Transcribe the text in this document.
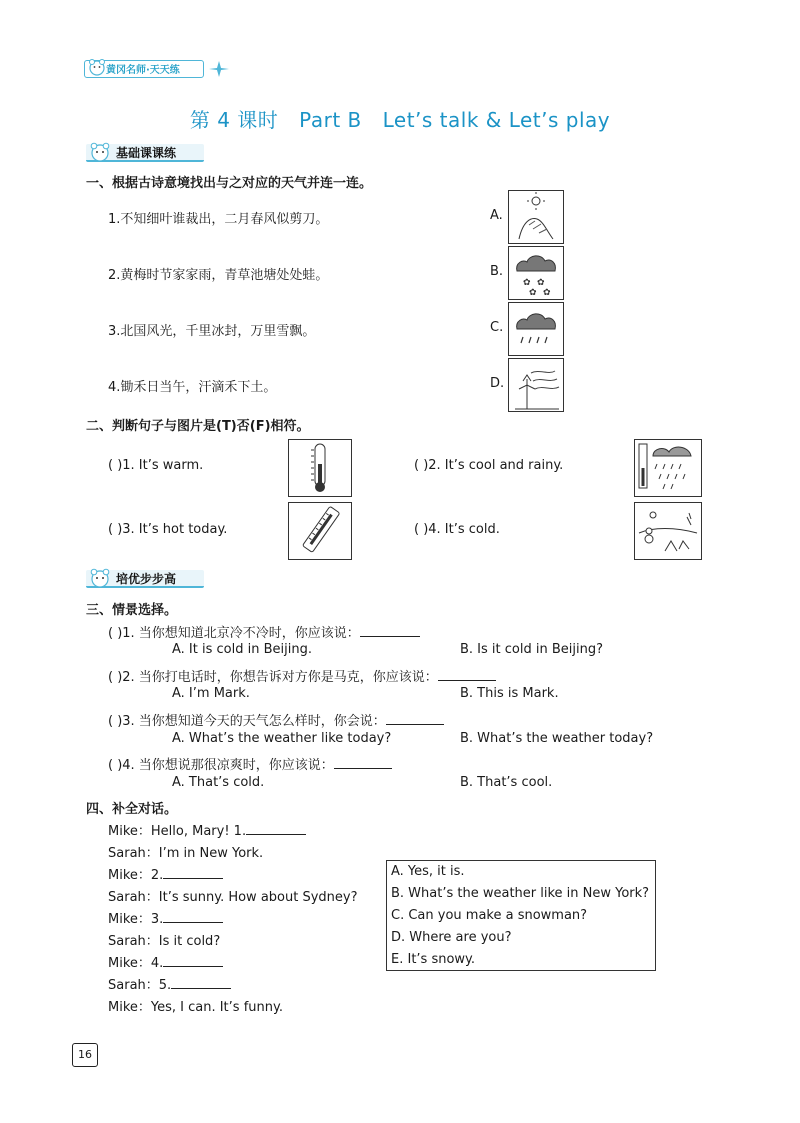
黄冈名师·天天练
第 4 课时 Part B Let’s talk & Let’s play
基础课课练
一、根据古诗意境找出与之对应的天气并连一连。
1.不知细叶谁裁出，二月春风似剪刀。
2.黄梅时节家家雨，青草池塘处处蛙。
3.北国风光，千里冰封，万里雪飘。
4.锄禾日当午，汗滴禾下土。
A.
B.
C.
D.
✿ ✿
✿ ✿
二、判断句子与图片是(T)否(F)相符。
( )1. It’s warm.	( )2. It’s cool and rainy.
( )3. It’s hot today.	( )4. It’s cold.
培优步步高
三、情景选择。
( )1. 当你想知道北京冷不冷时，你应该说：
A. It is cold in Beijing.	B. Is it cold in Beijing?
( )2. 当你打电话时，你想告诉对方你是马克，你应该说：
A. I’m Mark.	B. This is Mark.
( )3. 当你想知道今天的天气怎么样时，你会说：
A. What’s the weather like today?	B. What’s the weather today?
( )4. 当你想说那很凉爽时，你应该说：
A. That’s cold.	B. That’s cool.
四、补全对话。
Mike：Hello, Mary! 1.
Sarah：I’m in New York.
Mike：2.
Sarah：It’s sunny. How about Sydney?
Mike：3.
Sarah：Is it cold?
Mike：4.
Sarah：5.
Mike：Yes, I can. It’s funny.
A. Yes, it is.
B. What’s the weather like in New York?
C. Can you make a snowman?
D. Where are you?
E. It’s snowy.
16
